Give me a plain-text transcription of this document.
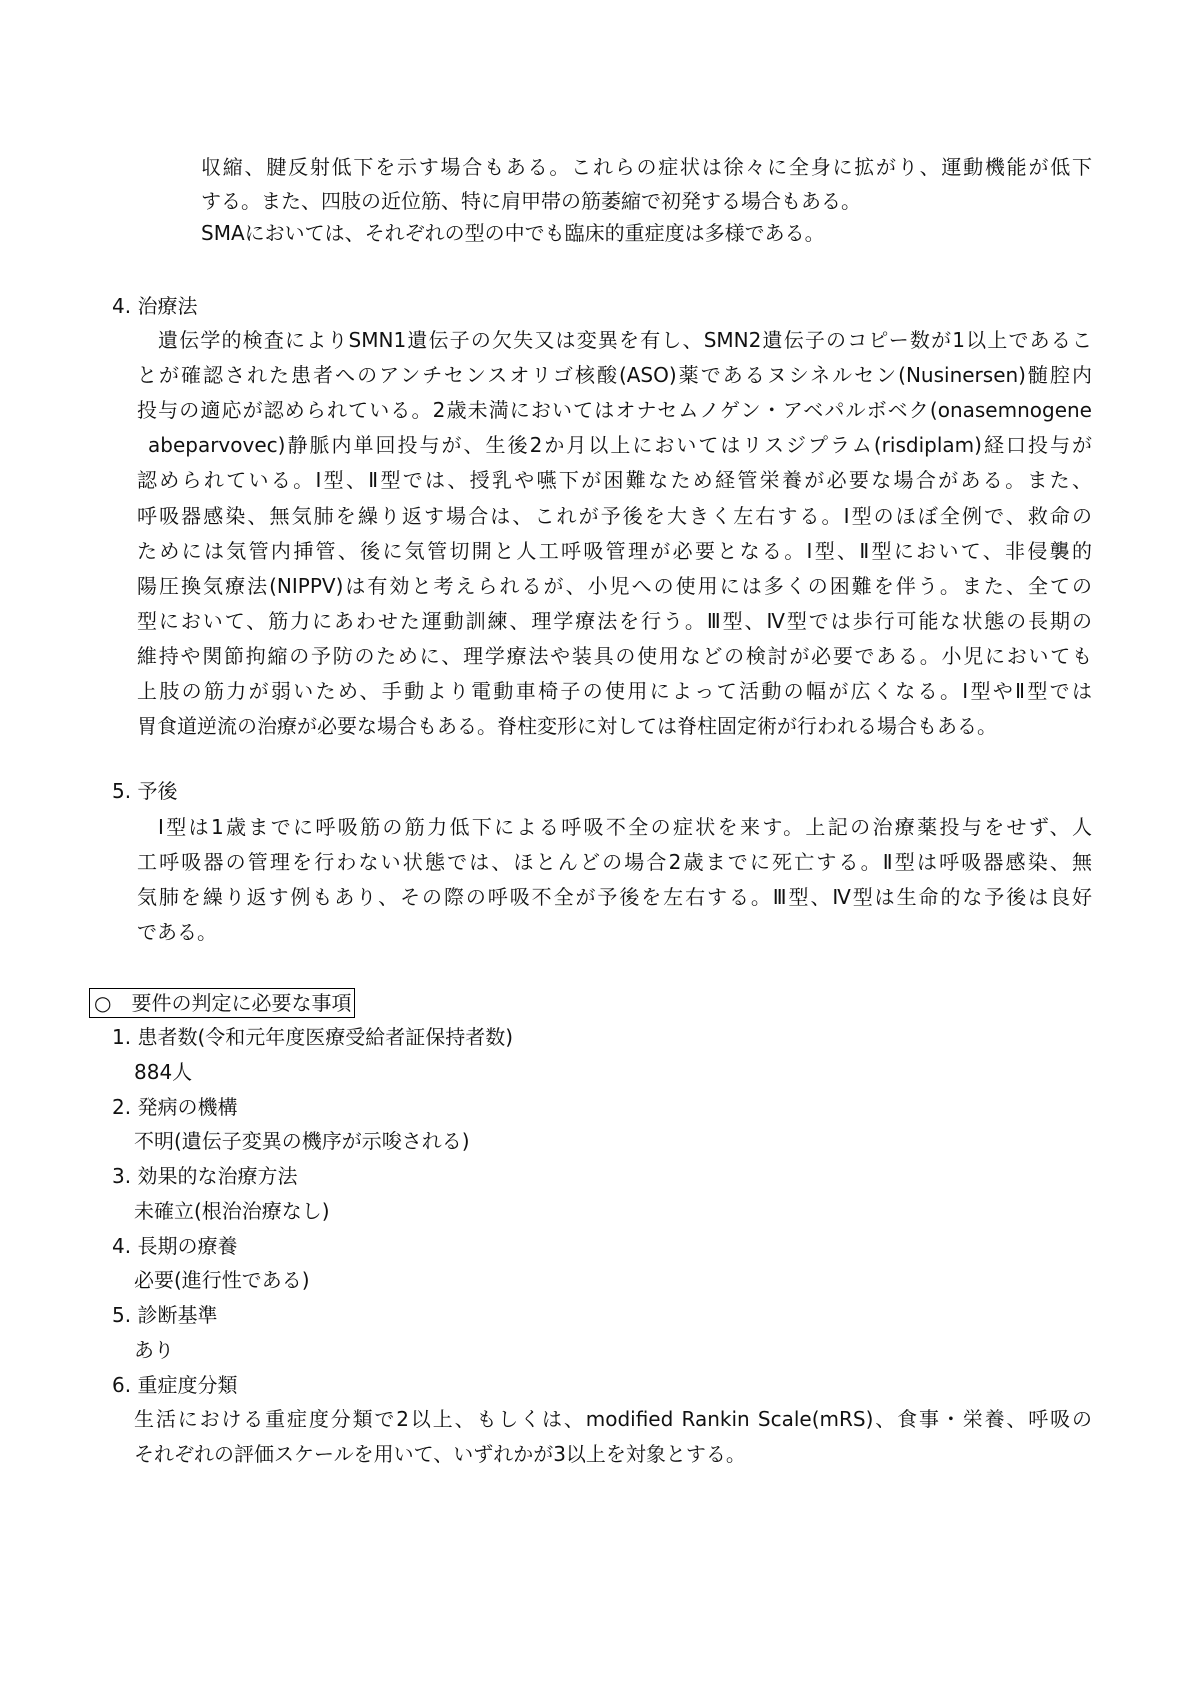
収縮、腱反射低下を示す場合もある。これらの症状は徐々に全身に拡がり、運動機能が低下
する。また、四肢の近位筋、特に肩甲帯の筋萎縮で初発する場合もある。
SMAにおいては、それぞれの型の中でも臨床的重症度は多様である。
4. 治療法
遺伝学的検査によりSMN1遺伝子の欠失又は変異を有し、SMN2遺伝子のコピー数が1以上であるこ
とが確認された患者へのアンチセンスオリゴ核酸(ASO)薬であるヌシネルセン(Nusinersen)髄腔内
投与の適応が認められている。2歳未満においてはオナセムノゲン・アベパルボベク(onasemnogene
abeparvovec)静脈内単回投与が、生後2か月以上においてはリスジプラム(risdiplam)経口投与が
認められている。Ⅰ型、Ⅱ型では、授乳や嚥下が困難なため経管栄養が必要な場合がある。また、
呼吸器感染、無気肺を繰り返す場合は、これが予後を大きく左右する。Ⅰ型のほぼ全例で、救命の
ためには気管内挿管、後に気管切開と人工呼吸管理が必要となる。Ⅰ型、Ⅱ型において、非侵襲的
陽圧換気療法(NIPPV)は有効と考えられるが、小児への使用には多くの困難を伴う。また、全ての
型において、筋力にあわせた運動訓練、理学療法を行う。Ⅲ型、Ⅳ型では歩行可能な状態の長期の
維持や関節拘縮の予防のために、理学療法や装具の使用などの検討が必要である。小児においても
上肢の筋力が弱いため、手動より電動車椅子の使用によって活動の幅が広くなる。Ⅰ型やⅡ型では
胃食道逆流の治療が必要な場合もある。脊柱変形に対しては脊柱固定術が行われる場合もある。
5. 予後
Ⅰ型は1歳までに呼吸筋の筋力低下による呼吸不全の症状を来す。上記の治療薬投与をせず、人
工呼吸器の管理を行わない状態では、ほとんどの場合2歳までに死亡する。Ⅱ型は呼吸器感染、無
気肺を繰り返す例もあり、その際の呼吸不全が予後を左右する。Ⅲ型、Ⅳ型は生命的な予後は良好
である。
○　要件の判定に必要な事項
1. 患者数(令和元年度医療受給者証保持者数)
884人
2. 発病の機構
不明(遺伝子変異の機序が示唆される)
3. 効果的な治療方法
未確立(根治治療なし)
4. 長期の療養
必要(進行性である)
5. 診断基準
あり
6. 重症度分類
生活における重症度分類で2以上、もしくは、modified Rankin Scale(mRS)、食事・栄養、呼吸の
それぞれの評価スケールを用いて、いずれかが3以上を対象とする。
